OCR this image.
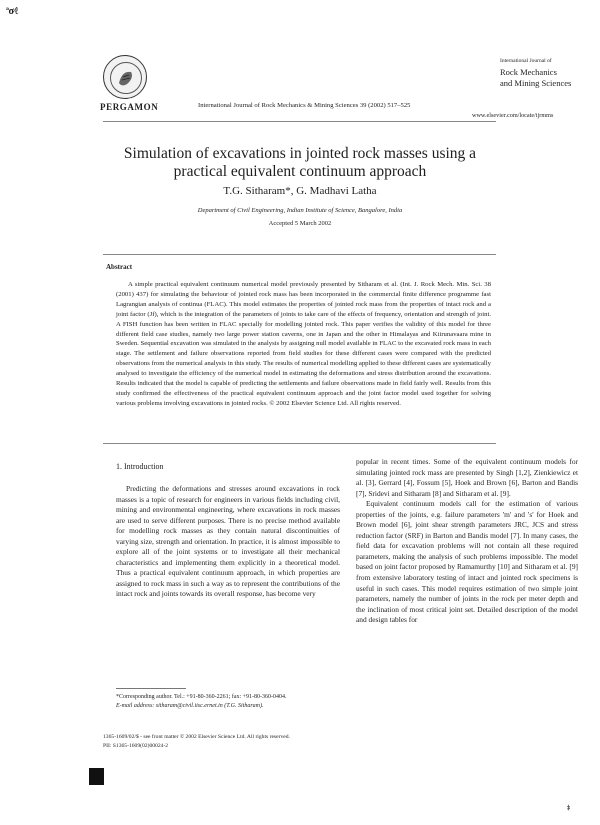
ªσ⁄ℓ
PERGAMON	International Journal of Rock Mechanics & Mining Sciences 39 (2002) 517–525
International Journal of
Rock Mechanics
and Mining Sciences
www.elsevier.com/locate/ijrmms
Simulation of excavations in jointed rock masses using a practical equivalent continuum approach
T.G. Sitharam*, G. Madhavi Latha
Department of Civil Engineering, Indian Institute of Science, Bangalore, India
Accepted 5 March 2002
Abstract
A simple practical equivalent continuum numerical model previously presented by Sitharam et al. (Int. J. Rock Mech. Min. Sci. 38 (2001) 437) for simulating the behaviour of jointed rock mass has been incorporated in the commercial finite difference programme fast Lagrangian analysis of continua (FLAC). This model estimates the properties of jointed rock mass from the properties of intact rock and a joint factor (Jf), which is the integration of the parameters of joints to take care of the effects of frequency, orientation and strength of joint. A FISH function has been written in FLAC specially for modelling jointed rock. This paper verifies the validity of this model for three different field case studies, namely two large power station caverns, one in Japan and the other in Himalayas and Kiirunavaara mine in Sweden. Sequential excavation was simulated in the analysis by assigning null model available in FLAC to the excavated rock mass in each stage. The settlement and failure observations reported from field studies for these different cases were compared with the predicted observations from the numerical analysis in this study. The results of numerical modelling applied to these different cases are systematically analysed to investigate the efficiency of the numerical model in estimating the deformations and stress distribution around the excavations. Results indicated that the model is capable of predicting the settlements and failure observations made in field fairly well. Results from this study confirmed the effectiveness of the practical equivalent continuum approach and the joint factor model used together for solving various problems involving excavations in jointed rocks. © 2002 Elsevier Science Ltd. All rights reserved.
1. Introduction
Predicting the deformations and stresses around excavations in rock masses is a topic of research for engineers in various fields including civil, mining and environmental engineering, where excavations in rock masses are used to serve different purposes. There is no precise method available for modelling rock masses as they contain natural discontinuities of varying size, strength and orientation. In practice, it is almost impossible to explore all of the joint systems or to investigate all their mechanical characteristics and implementing them explicitly in a theoretical model. Thus a practical equivalent continuum approach, in which properties are assigned to rock mass in such a way as to represent the contributions of the intact rock and joints towards its overall response, has become very

popular in recent times. Some of the equivalent continuum models for simulating jointed rock mass are presented by Singh [1,2], Zienkiewicz et al. [3], Gerrard [4], Fossum [5], Hoek and Brown [6], Barton and Bandis [7], Sridevi and Sitharam [8] and Sitharam et al. [9].

Equivalent continuum models call for the estimation of various properties of the joints, e.g. failure parameters 'm' and 's' for Hoek and Brown model [6], joint shear strength parameters JRC, JCS and stress reduction factor (SRF) in Barton and Bandis model [7]. In many cases, the field data for excavation problems will not contain all these required parameters, making the analysis of such problems impossible. The model based on joint factor proposed by Ramamurthy [10] and Sitharam et al. [9] from extensive laboratory testing of intact and jointed rock specimens is useful in such cases. This model requires estimation of two simple joint parameters, namely the number of joints in the rock per meter depth and the inclination of most critical joint set. Detailed description of the model and design tables for

*Corresponding author. Tel.: +91-80-360-2261; fax: +91-80-360-0404.
E-mail address: sitharam@civil.iisc.ernet.in (T.G. Sitharam).
1365-1609/02/$ - see front matter © 2002 Elsevier Science Ltd. All rights reserved.
PII: S1365-1609(02)00024-2
ﾈ
